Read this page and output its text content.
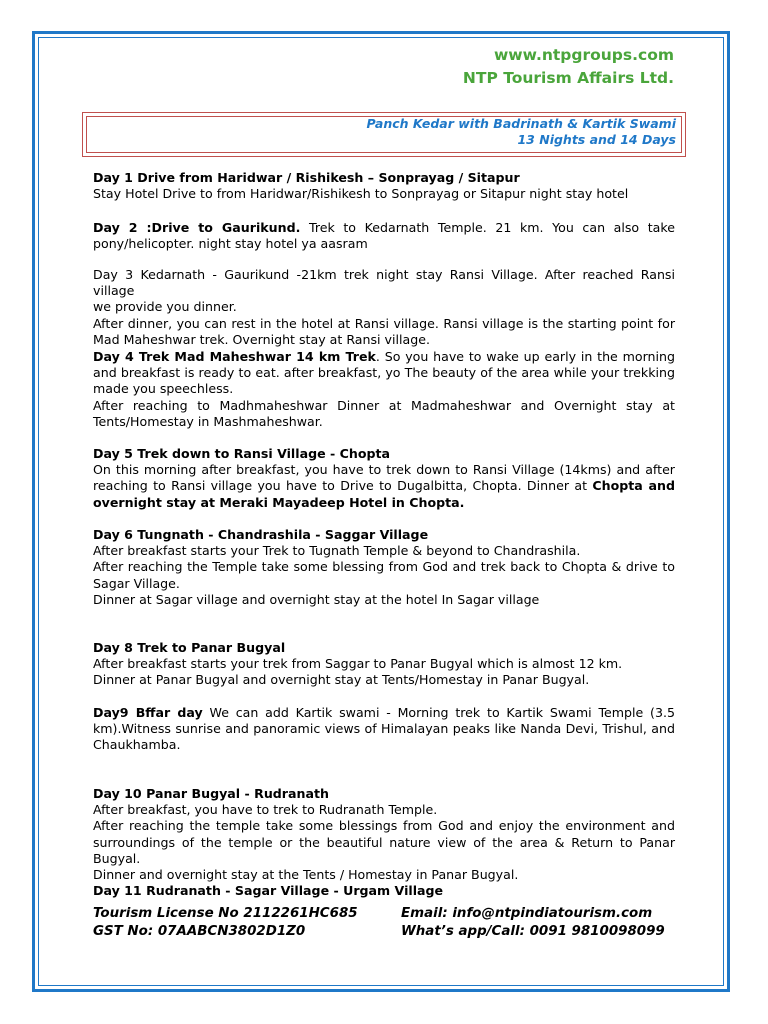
www.ntpgroups.com
NTP Tourism Affairs Ltd.
Panch Kedar with Badrinath & Kartik Swami
13 Nights and 14 Days
Day 1 Drive from Haridwar / Rishikesh – Sonprayag / Sitapur
Stay Hotel Drive to from Haridwar/Rishikesh to Sonprayag or Sitapur night stay hotel
Day 2 :Drive to Gaurikund. Trek to Kedarnath Temple. 21 km. You can also take
pony/helicopter. night stay hotel ya aasram
Day 3 Kedarnath - Gaurikund -21km trek night stay Ransi Village. After reached Ransi village
we provide you dinner.
After dinner, you can rest in the hotel at Ransi village. Ransi village is the starting point for
Mad Maheshwar trek. Overnight stay at Ransi village.
Day 4 Trek Mad Maheshwar 14 km Trek. So you have to wake up early in the morning
and breakfast is ready to eat. after breakfast, yo The beauty of the area while your trekking
made you speechless.
After reaching to Madhmaheshwar Dinner at Madmaheshwar and Overnight stay at
Tents/Homestay in Mashmaheshwar.
Day 5 Trek down to Ransi Village - Chopta
On this morning after breakfast, you have to trek down to Ransi Village (14kms) and after
reaching to Ransi village you have to Drive to Dugalbitta, Chopta. Dinner at Chopta and
overnight stay at Meraki Mayadeep Hotel in Chopta.
Day 6 Tungnath - Chandrashila - Saggar Village
After breakfast starts your Trek to Tugnath Temple & beyond to Chandrashila.
After reaching the Temple take some blessing from God and trek back to Chopta & drive to
Sagar Village.
Dinner at Sagar village and overnight stay at the hotel In Sagar village
Day 8 Trek to Panar Bugyal
After breakfast starts your trek from Saggar to Panar Bugyal which is almost 12 km.
Dinner at Panar Bugyal and overnight stay at Tents/Homestay in Panar Bugyal.
Day9 Bffar day We can add Kartik swami - Morning trek to Kartik Swami Temple (3.5
km).Witness sunrise and panoramic views of Himalayan peaks like Nanda Devi, Trishul, and
Chaukhamba.
Day 10 Panar Bugyal - Rudranath
After breakfast, you have to trek to Rudranath Temple.
After reaching the temple take some blessings from God and enjoy the environment and
surroundings of the temple or the beautiful nature view of the area & Return to Panar Bugyal.
Dinner and overnight stay at the Tents / Homestay in Panar Bugyal.
Day 11 Rudranath - Sagar Village - Urgam Village
Tourism License No 2112261HC685	Email: info@ntpindiatourism.com
GST No: 07AABCN3802D1Z0	What’s app/Call: 0091 9810098099
